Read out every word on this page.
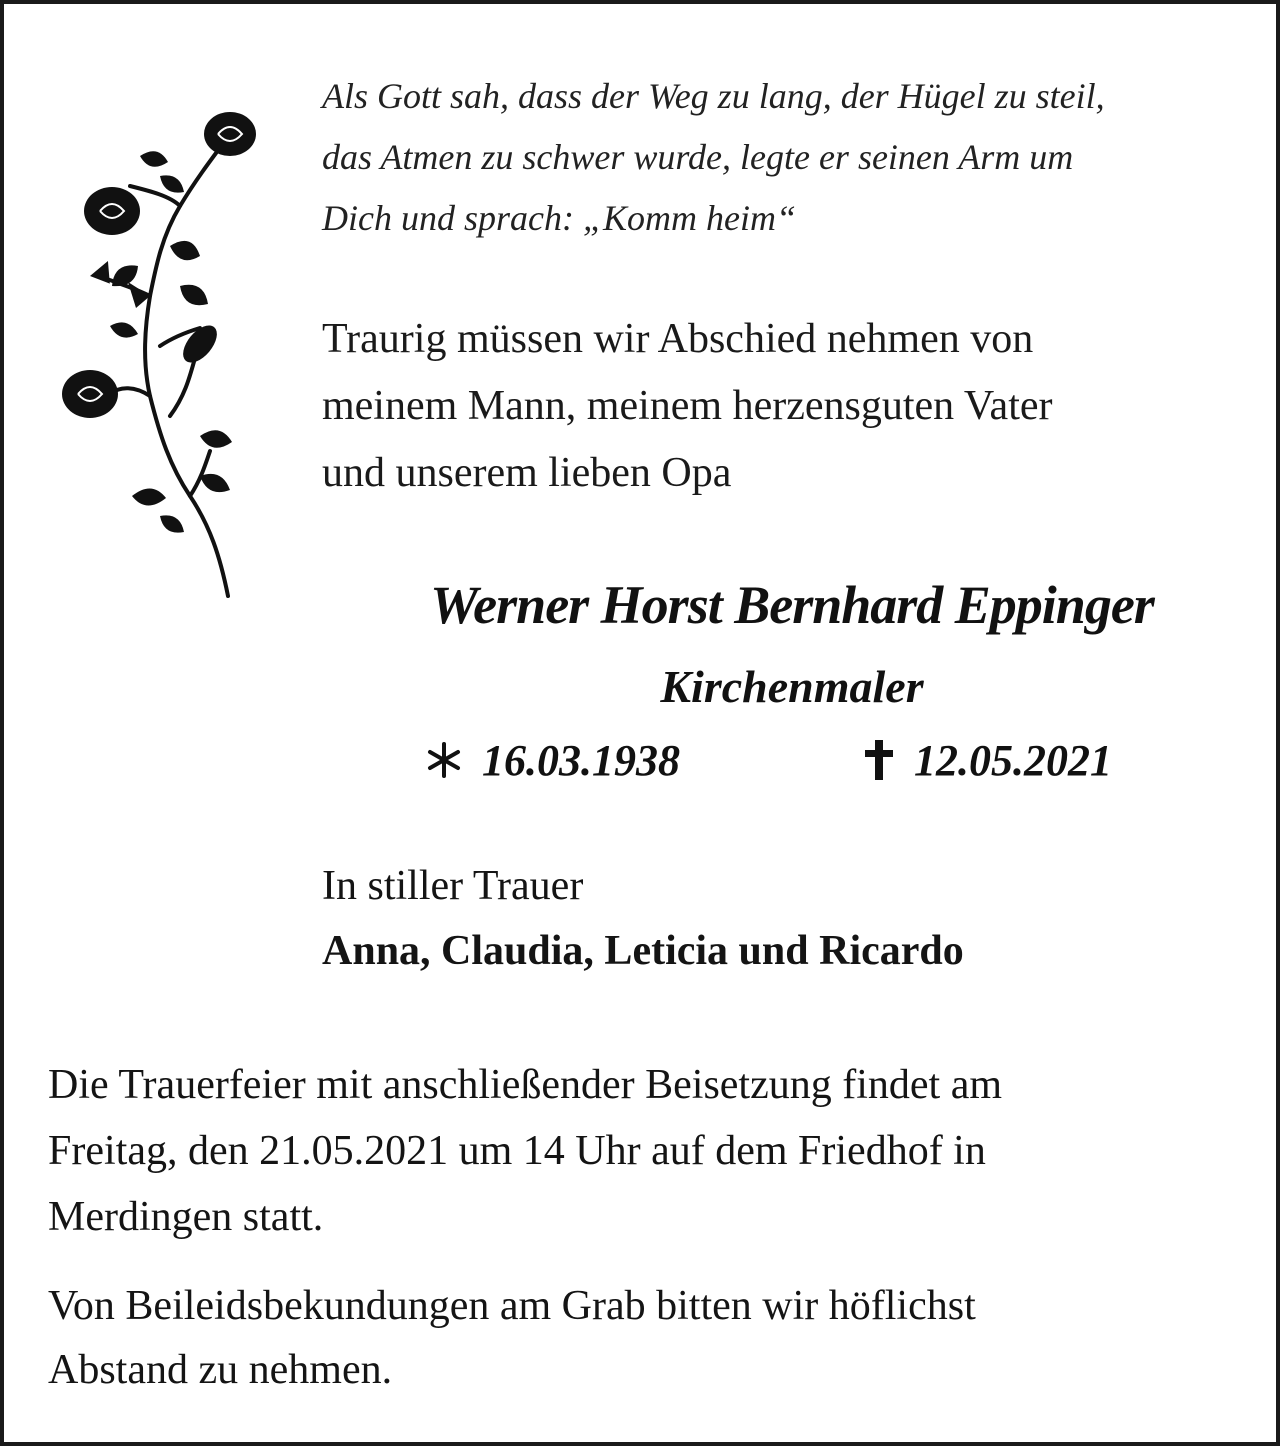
Als Gott sah, dass der Weg zu lang, der Hügel zu steil,
das Atmen zu schwer wurde, legte er seinen Arm um
Dich und sprach: „Komm heim“
Traurig müssen wir Abschied nehmen von
meinem Mann, meinem herzensguten Vater
und unserem lieben Opa
Werner Horst Bernhard Eppinger
Kirchenmaler
16.03.1938	12.05.2021
In stiller Trauer
Anna, Claudia, Leticia und Ricardo
Die Trauerfeier mit anschließender Beisetzung findet am
Freitag, den 21.05.2021 um 14 Uhr auf dem Friedhof in
Merdingen statt.
Von Beileidsbekundungen am Grab bitten wir höflichst
Abstand zu nehmen.
